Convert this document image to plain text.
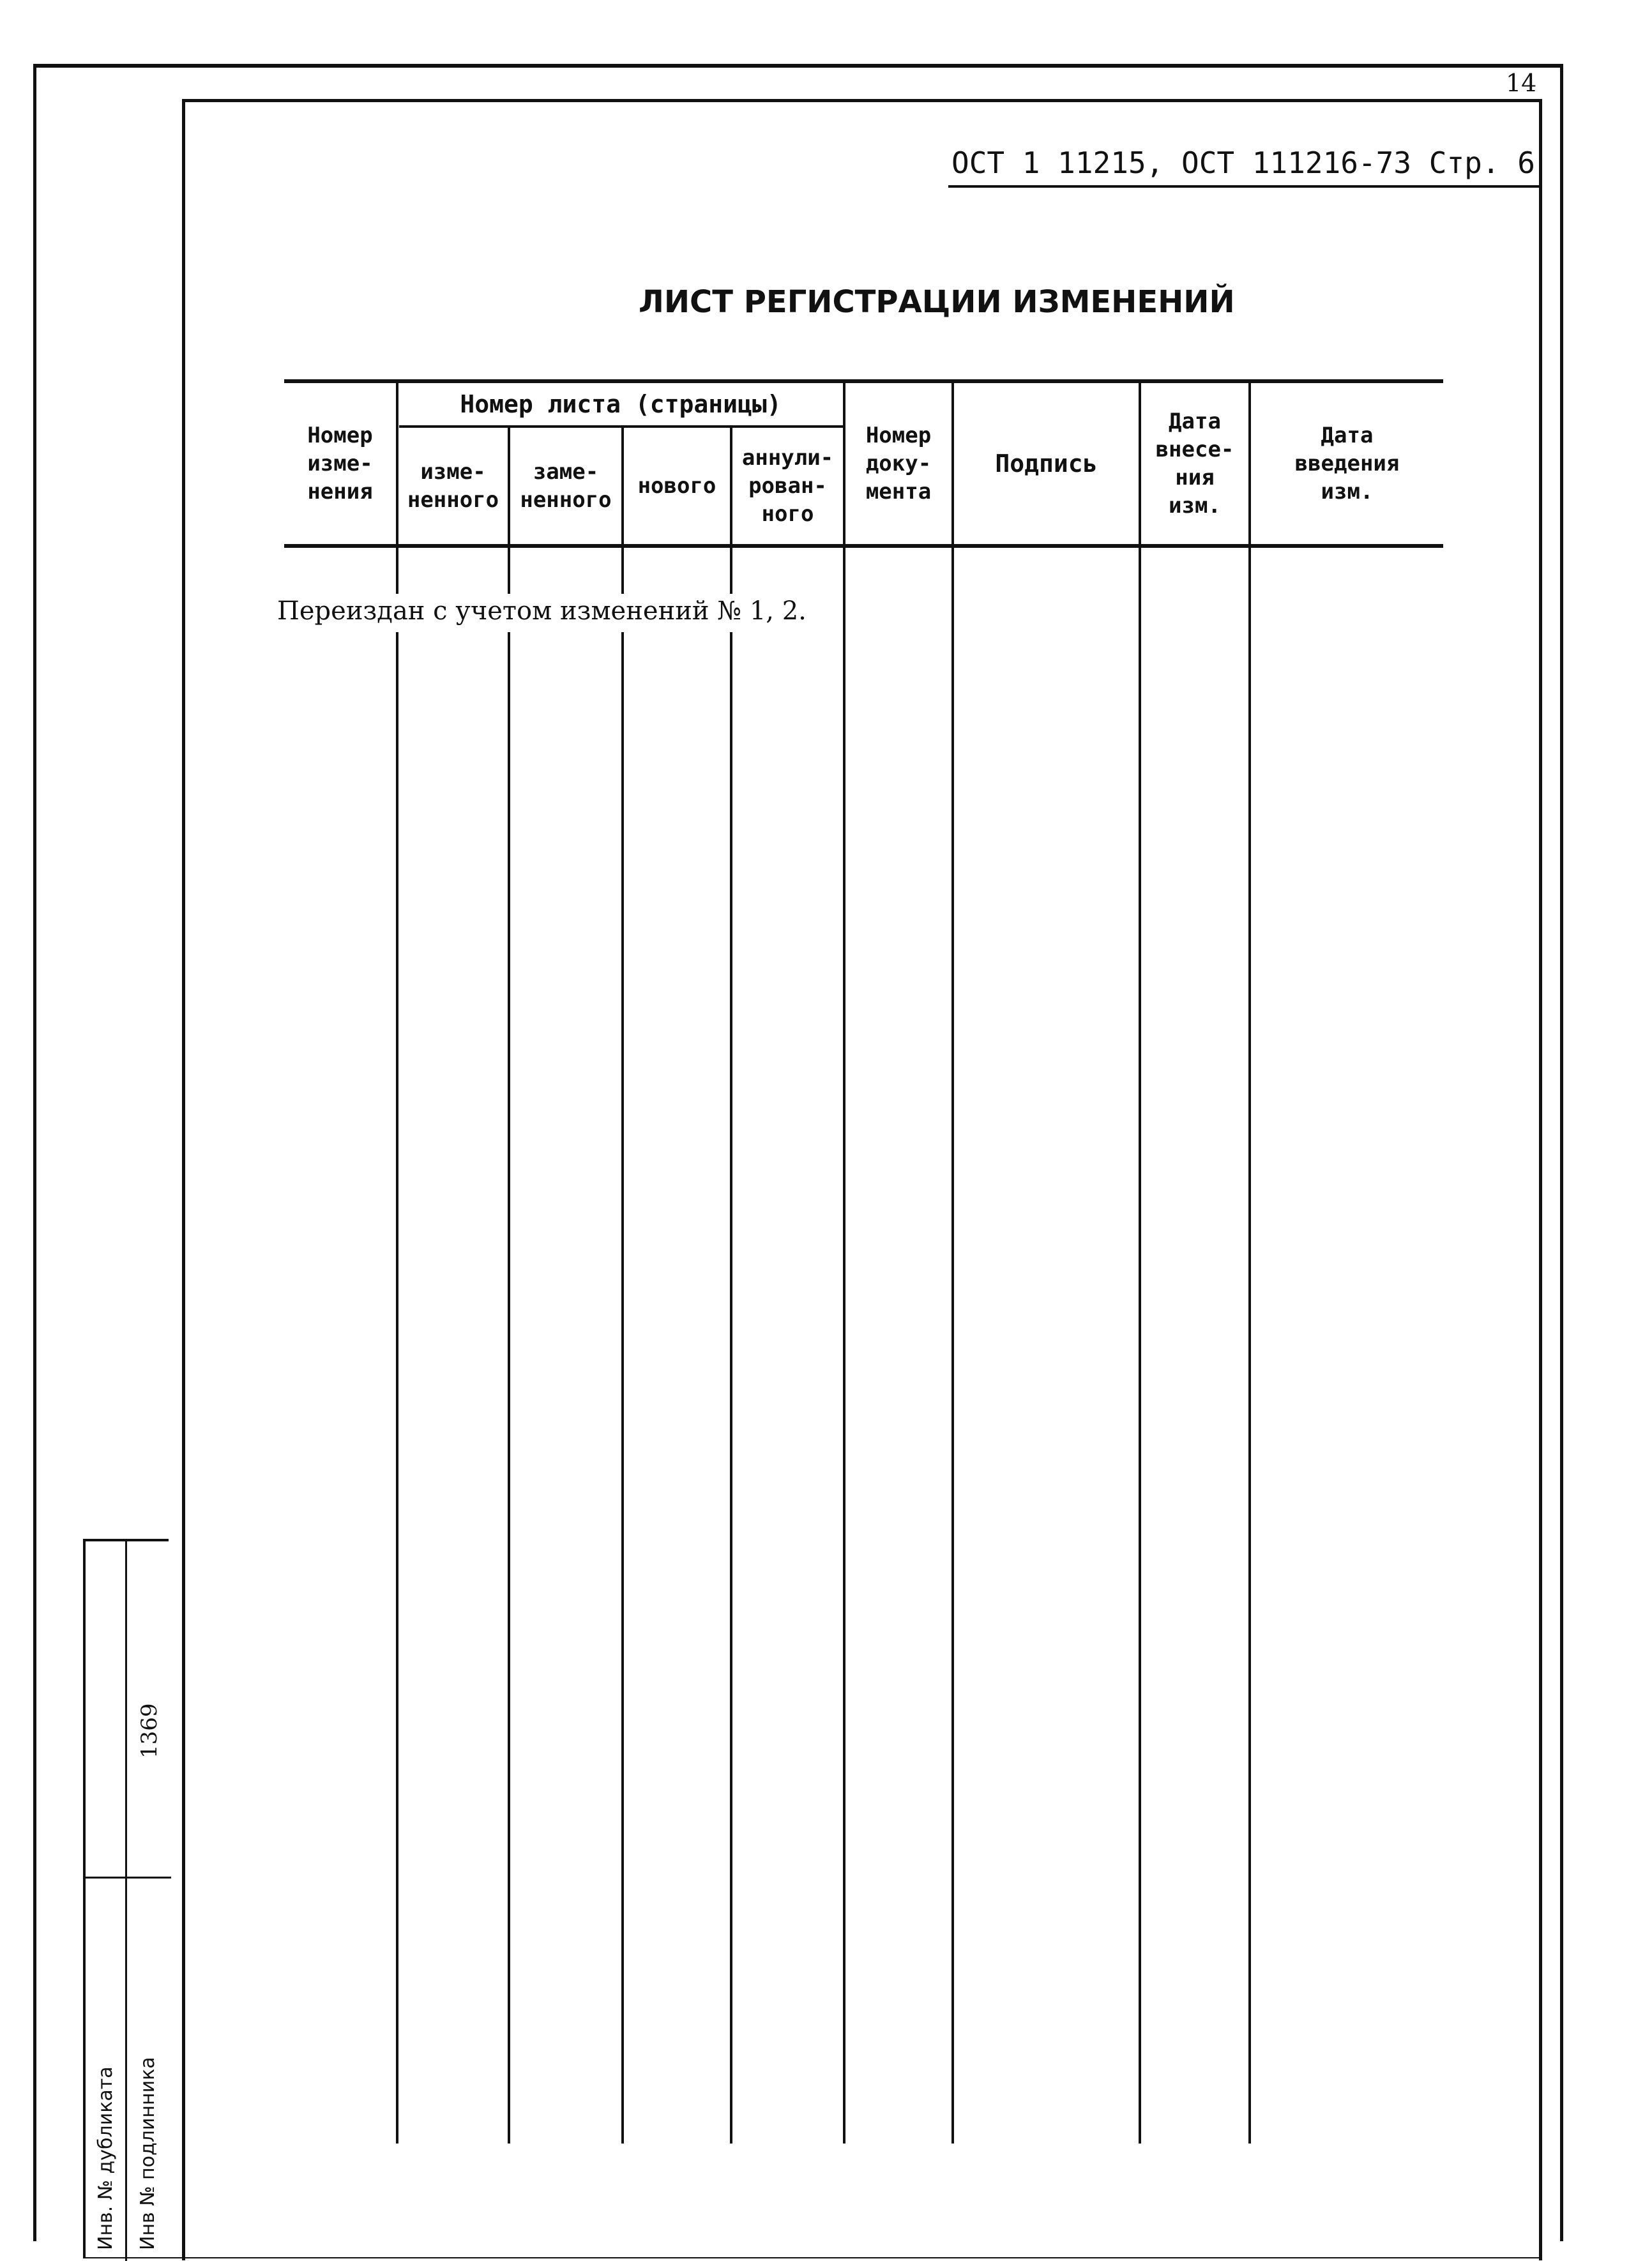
14
ОСТ 1 11215, ОСТ 111216-73 Стр. 6
ЛИСТ РЕГИСТРАЦИИ ИЗМЕНЕНИЙ
Номер листа (страницы)
Номер
изме-
нения
изме-
ненного
заме-
ненного
нового
аннули-
рован-
ного
Номер
доку-
мента
Подпись
Дата
внесе-
ния
изм.
Дата
введения
изм.
Переиздан с учетом изменений № 1, 2.
Инв. № дубликата Инв № подлинника
1369
